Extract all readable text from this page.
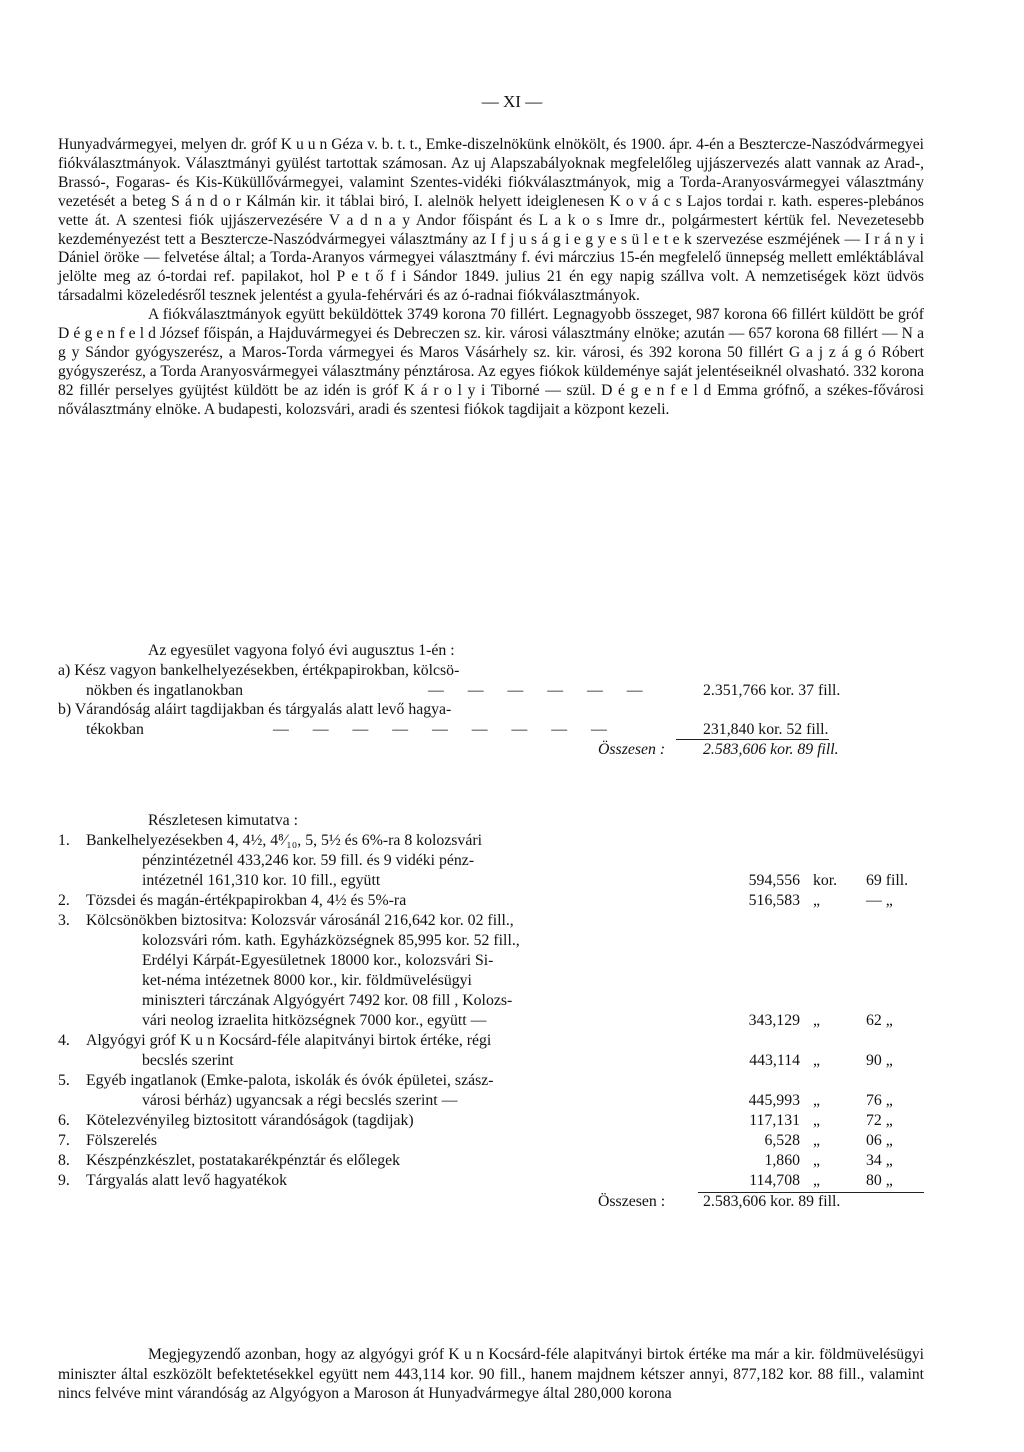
— XI —

Hunyadvármegyei, melyen dr. gróf K u u n Géza v. b. t. t., Emke-diszelnökünk elnökölt, és 1900. ápr. 4-én a Beszterczе-Naszódvármegyei fiókválasztmányok. Választmányi gyülést tartottak számosan. Az uj Alapszabályoknak megfelelőleg ujjászervezés alatt vannak az Arad-, Brassó-, Fogaras- és Kis-Küküllővármegyei, valamint Szentes-vidéki fiókválasztmányok, mig a Torda-Aranyosvármegyei választmány vezetését a beteg S á n d o r Kálmán kir. it táblai biró, I. alelnök helyett ideiglenesen K o v á c s Lajos tordai r. kath. esperes-plebános vette át. A szentesi fiók ujjászervezésére V a d n a y Andor főispánt és L a k o s Imre dr., polgármestert kértük fel. Nevezetesebb kezdeményezést tett a Beszterczе-Naszódvármegyei választmány az I f j u s á g i e g y e s ü l e t e k szervezése eszméjének — I r á n y i Dániel örökе — felvetése által; a Torda-Aranyos vármegyei választmány f. évi márczius 15-én megfelelő ünnepség mellett emléktáblával jelölte meg az ó-tordai ref. papilakot, hol P e t ő f i Sándor 1849. julius 21 én egy napig szállva volt. A nemzetiségek közt üdvös társadalmi közeledésről tesznek jelentést a gyula-fehérvári és az ó-radnai fiókválasztmányok.

A fiókválasztmányok együtt beküldöttek 3749 korona 70 fillért. Legnagyobb összeget, 987 korona 66 fillért küldött be gróf D é g e n f e l d József főispán, a Hajduvármegyei és Debreczen sz. kir. városi választmány elnöke; azután — 657 korona 68 fillért — N a g y Sándor gyógyszerész, a Maros-Torda vármegyei és Maros Vásárhely sz. kir. városi, és 392 korona 50 fillért G a j z á g ó Róbert gyógyszerész, a Torda Aranyosvármegyei választmány pénztárosa. Az egyes fiókok küldeménye saját jelentéseiknél olvasható. 332 korona 82 fillér perselyes gyüjtést küldött be az idén is gróf K á r o l y i Tiborné — szül. D é g e n f e l d Emma grófnő, a székes-fővárosi nőválasztmány elnöke. A budapesti, kolozsvári, aradi és szentesi fiókok tagdijait a központ kezeli.

Az egyesület vagyona folyó évi augusztus 1-én :
a) Kész vagyon bankelhelyezésekben, értékpapirokban, kölcsö-
nökben és ingatlanokban	— — — — — —	2.351,766 kor. 37 fill.
b) Várandóság aláirt tagdijakban és tárgyalás alatt levő hagya-
tékokban	— — — — — — — — —	231,840 kor. 52 fill.
Összesen : 2.583,606 kor. 89 fill.
Részletesen kimutatva :
1. Bankelhelyezésekben 4, 4½, 4⁸⁄₁₀, 5, 5½ és 6%-ra 8 kolozsvári
pénzintézetnél 433,246 kor. 59 fill. és 9 vidéki pénz-
intézetnél 161,310 kor. 10 fill., együtt	594,556 kor. 69 fill.
2. Tözsdei és magán-értékpapirokban 4, 4½ és 5%-ra	516,583 „	— „
3. Kölcsönökben biztositva: Kolozsvár városánál 216,642 kor. 02 fill.,
kolozsvári róm. kath. Egyházközségnek 85,995 kor. 52 fill.,
Erdélyi Kárpát-Egyesületnek 18000 kor., kolozsvári Si-
ket-néma intézetnek 8000 kor., kir. földmüvelésügyi
miniszteri tárczának Algyógyért 7492 kor. 08 fill , Kolozs-
vári neolog izraelita hitközségnek 7000 kor., együtt —	343,129 „	62 „
4. Algyógyi gróf K u n Kocsárd-féle alapitványi birtok értéke, régi
becslés szerint	443,114 „	90 „
5. Egyéb ingatlanok (Emke-palota, iskolák és óvók épületei, szász-
városi bérház) ugyancsak a régi becslés szerint —	445,993 „	76 „
6. Kötelezvényileg biztositott várandóságok (tagdijak)	117,131 „	72 „
7. Fölszerelés	6,528 „	06 „
8. Készpénzkészlet, postatakarékpénztár és előlegek	1,860 „	34 „
9. Tárgyalás alatt levő hagyatékok	114,708 „	80 „
Összesen : 2.583,606 kor. 89 fill.

Megjegyzendő azonban, hogy az algyógyi gróf K u n Kocsárd-féle alapitványi birtok értéke ma már a kir. földmüvelésügyi miniszter által eszközölt befektetésekkel együtt nem 443,114 kor. 90 fill., hanem majdnem kétszer annyi, 877,182 kor. 88 fill., valamint nincs felvéve mint várandóság az Algyógyon a Maroson át Hunyadvármegye által 280,000 korona
